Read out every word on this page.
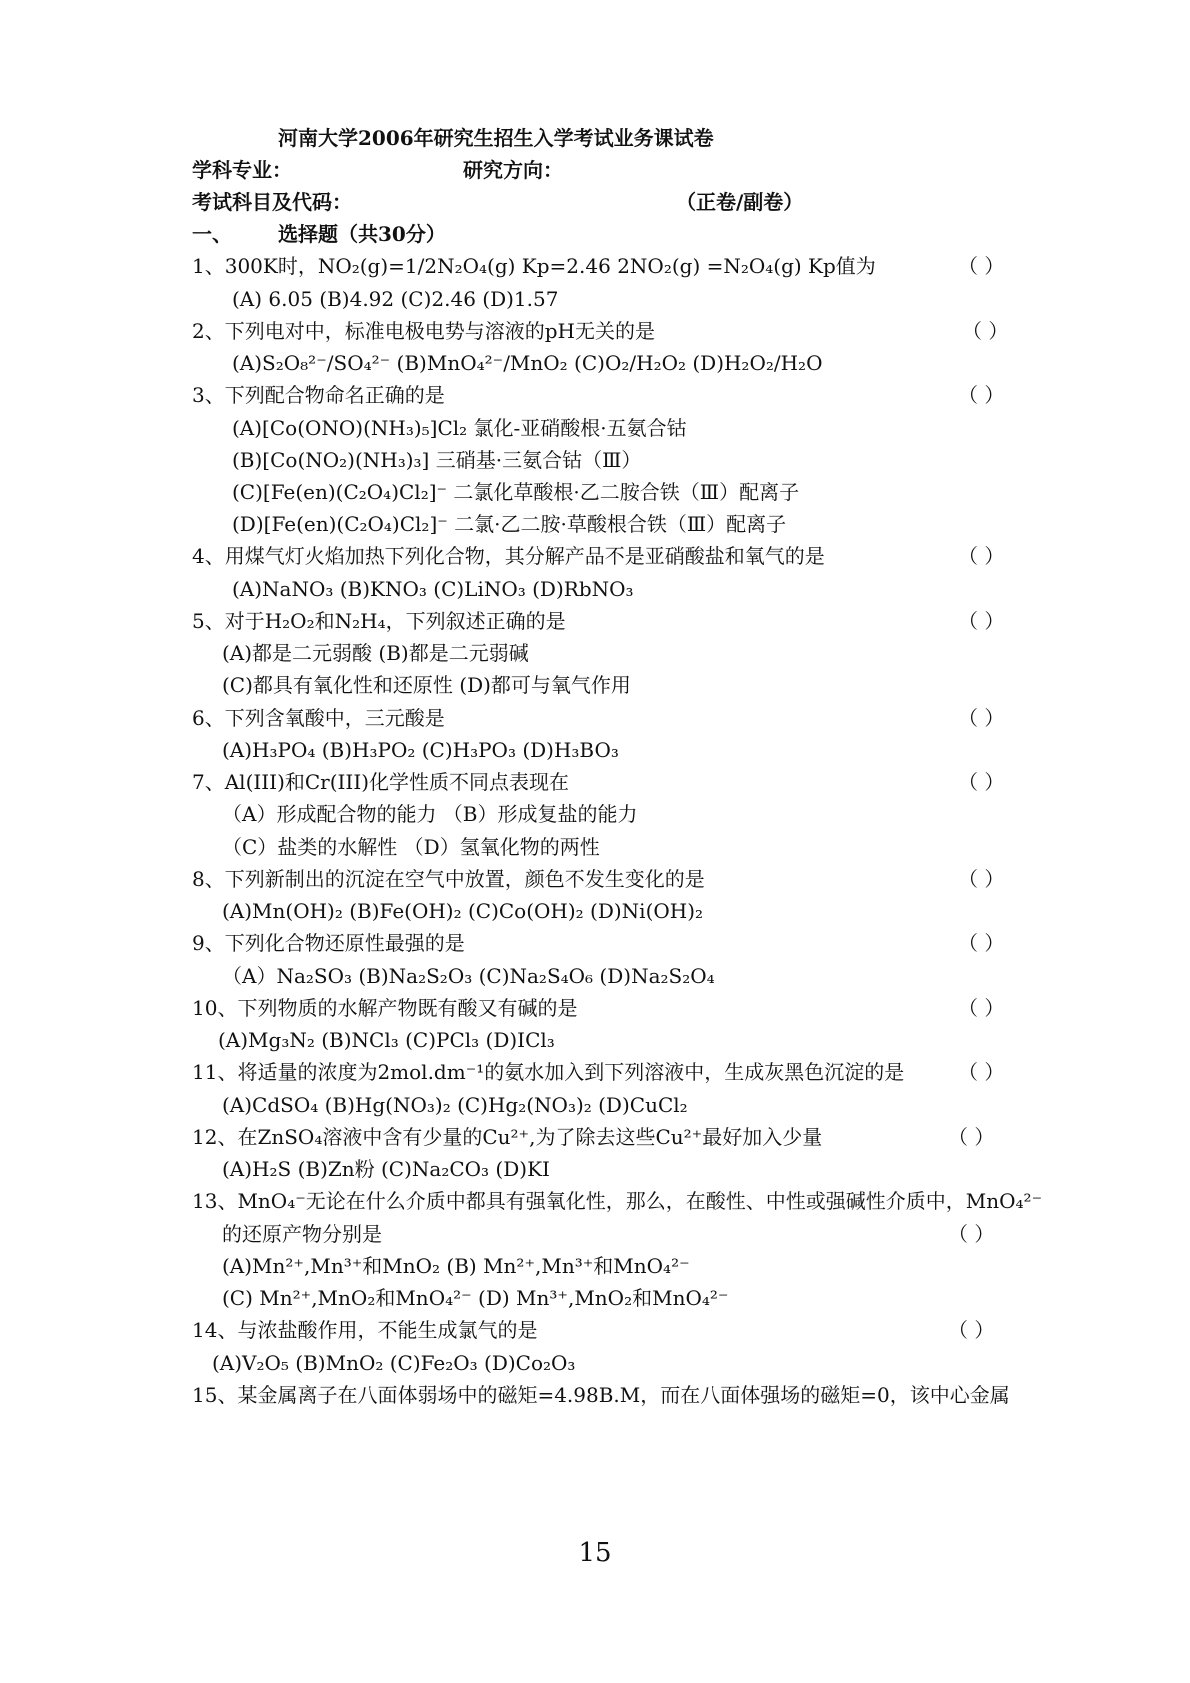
河南大学2006年研究生招生入学考试业务课试卷
学科专业：	研究方向：
考试科目及代码：	（正卷/副卷）
一、 选择题（共30分）
1、300K时，NO₂(g)=1/2N₂O₄(g) Kp=2.46 2NO₂(g) =N₂O₄(g) Kp值为
(A) 6.05 (B)4.92 (C)2.46 (D)1.57
2、下列电对中，标准电极电势与溶液的pH无关的是
(A)S₂O₈²⁻/SO₄²⁻ (B)MnO₄²⁻/MnO₂ (C)O₂/H₂O₂ (D)H₂O₂/H₂O
3、下列配合物命名正确的是
(A)[Co(ONO)(NH₃)₅]Cl₂ 氯化-亚硝酸根·五氨合钴
(B)[Co(NO₂)(NH₃)₃] 三硝基·三氨合钴（Ⅲ）
(C)[Fe(en)(C₂O₄)Cl₂]⁻ 二氯化草酸根·乙二胺合铁（Ⅲ）配离子
(D)[Fe(en)(C₂O₄)Cl₂]⁻ 二氯·乙二胺·草酸根合铁（Ⅲ）配离子
4、用煤气灯火焰加热下列化合物，其分解产品不是亚硝酸盐和氧气的是
(A)NaNO₃ (B)KNO₃ (C)LiNO₃ (D)RbNO₃
5、对于H₂O₂和N₂H₄，下列叙述正确的是
(A)都是二元弱酸 (B)都是二元弱碱
(C)都具有氧化性和还原性 (D)都可与氧气作用
6、下列含氧酸中，三元酸是
(A)H₃PO₄ (B)H₃PO₂ (C)H₃PO₃ (D)H₃BO₃
7、Al(III)和Cr(III)化学性质不同点表现在
（A）形成配合物的能力 （B）形成复盐的能力
（C）盐类的水解性 （D）氢氧化物的两性
8、下列新制出的沉淀在空气中放置，颜色不发生变化的是
(A)Mn(OH)₂ (B)Fe(OH)₂ (C)Co(OH)₂ (D)Ni(OH)₂
9、下列化合物还原性最强的是
（A）Na₂SO₃ (B)Na₂S₂O₃ (C)Na₂S₄O₆ (D)Na₂S₂O₄
10、下列物质的水解产物既有酸又有碱的是
(A)Mg₃N₂ (B)NCl₃ (C)PCl₃ (D)ICl₃
11、将适量的浓度为2mol.dm⁻¹的氨水加入到下列溶液中，生成灰黑色沉淀的是
(A)CdSO₄ (B)Hg(NO₃)₂ (C)Hg₂(NO₃)₂ (D)CuCl₂
12、在ZnSO₄溶液中含有少量的Cu²⁺,为了除去这些Cu²⁺最好加入少量
(A)H₂S (B)Zn粉 (C)Na₂CO₃ (D)KI
13、MnO₄⁻无论在什么介质中都具有强氧化性，那么，在酸性、中性或强碱性介质中，MnO₄²⁻
的还原产物分别是
(A)Mn²⁺,Mn³⁺和MnO₂ (B) Mn²⁺,Mn³⁺和MnO₄²⁻
(C) Mn²⁺,MnO₂和MnO₄²⁻ (D) Mn³⁺,MnO₂和MnO₄²⁻
14、与浓盐酸作用，不能生成氯气的是
(A)V₂O₅ (B)MnO₂ (C)Fe₂O₃ (D)Co₂O₃
15、某金属离子在八面体弱场中的磁矩=4.98B.M，而在八面体强场的磁矩=0，该中心金属
（ ）
（ ）
（ ）
（ ）
（ ）
（ ）
（ ）
（ ）
（ ）
（ ）
（ ）
（ ）
（ ）
（ ）
15
